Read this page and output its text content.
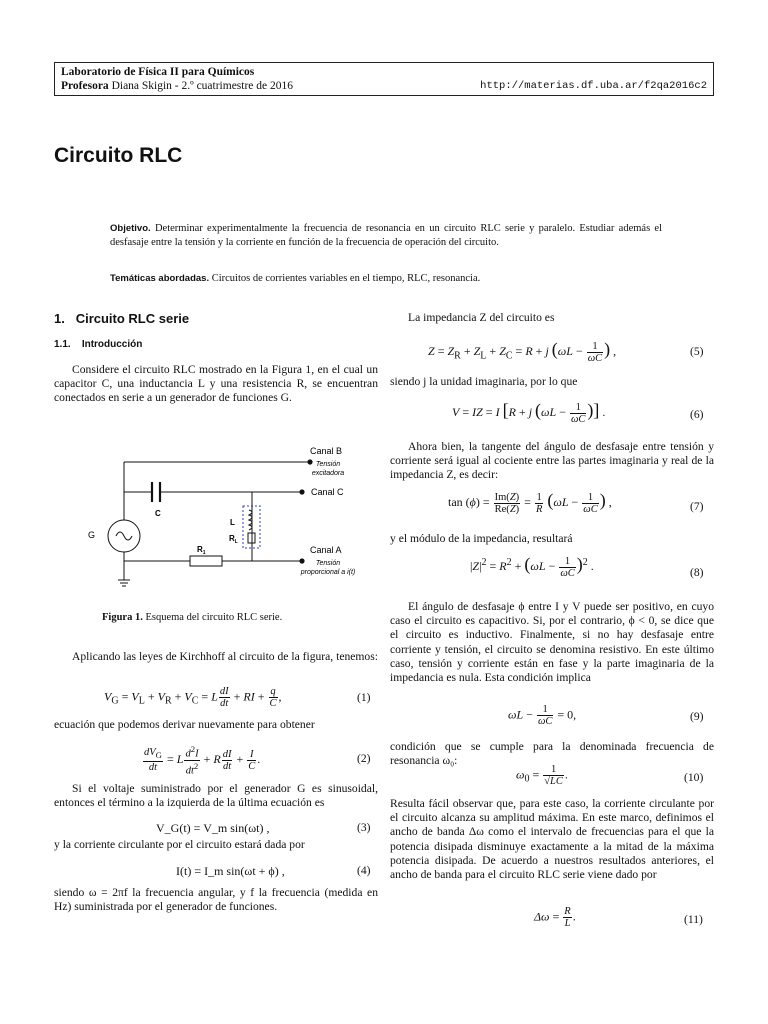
Laboratorio de Física II para Químicos
Profesora Diana Skigin - 2.º cuatrimestre de 2016	http://materias.df.uba.ar/f2qa2016c2
Circuito RLC
Objetivo. Determinar experimentalmente la frecuencia de resonancia en un circuito RLC serie y paralelo. Estudiar además el desfasaje entre la tensión y la corriente en función de la frecuencia de operación del circuito.
Temáticas abordadas. Circuitos de corrientes variables en el tiempo, RLC, resonancia.
1. Circuito RLC serie
1.1. Introducción
Considere el circuito RLC mostrado en la Figura 1, en el cual un capacitor C, una inductancia L y una resistencia R, se encuentran conectados en serie a un generador de funciones G.
Canal B
Tensión
excitadora
Canal C
Canal A
Tensión
proporcional a i(t)
G
C
L
$R_L$
$R_1$
Figura 1. Esquema del circuito RLC serie.
Aplicando las leyes de Kirchhoff al circuito de la figura, tenemos:
$V_G = V_L + V_R + V_C = L \frac{dI}{dt}$ + RI + $\frac{q}{C}$ ,	(1)
ecuación que podemos derivar nuevamente para obtener
$\frac{dV_G}{dt} = L \frac{d^2I}{dt^2} + R \frac{dI}{dt} + \frac{I}{C}$ .	(2)
Si el voltaje suministrado por el generador G es sinusoidal, entonces el término a la izquierda de la última ecuación es
V_G(t) = V_m sin(ωt) ,	(3)
y la corriente circulante por el circuito estará dada por
I(t) = I_m sin(ωt + ϕ) ,	(4)
siendo ω = 2πf la frecuencia angular, y f la frecuencia (medida en Hz) suministrada por el generador de funciones.
La impedancia Z del circuito es
$Z = Z_R + Z_L + Z_C = R + j$ ($\omega L - \frac{1}{\omega C}$ ) ,	(5)
siendo j la unidad imaginaria, por lo que
V = IZ = I [R + j ($\omega L - \frac{1}{\omega C}$ )] .	(6)
Ahora bien, la tangente del ángulo de desfasaje entre tensión y corriente será igual al cociente entre las partes imaginaria y real de la impedancia Z, es decir:
$\tan (\phi) = \frac{Im(Z)}{Re(Z)} = \frac{1}{R} (\omega L - \frac{1}{\omega C}$ ) ,	(7)
y el módulo de la impedancia, resultará
$|Z|^2 = R^2 + (\omega L - \frac{1}{\omega C} )^2$ .	(8)
El ángulo de desfasaje ϕ entre I y V puede ser positivo, en cuyo caso el circuito es capacitivo. Si, por el contrario, ϕ < 0, se dice que el circuito es inductivo. Finalmente, si no hay desfasaje entre corriente y tensión, el circuito se denomina resistivo. En este último caso, tensión y corriente están en fase y la parte imaginaria de la impedancia es nula. Esta condición implica
$\omega L - \frac{1}{\omega C} = 0$,	(9)
condición que se cumple para la denominada frecuencia de resonancia ω₀:
$\omega_0 = \frac{1}{√LC}$ .	(10)
Resulta fácil observar que, para este caso, la corriente circulante por el circuito alcanza su amplitud máxima. En este marco, definimos el ancho de banda Δω como el intervalo de frecuencias para el que la potencia disipada disminuye exactamente a la mitad de la máxima potencia disipada. De acuerdo a nuestros resultados anteriores, el ancho de banda para el circuito RLC serie viene dado por
$\Delta\omega = \frac{R}{L}$ .	(11)
